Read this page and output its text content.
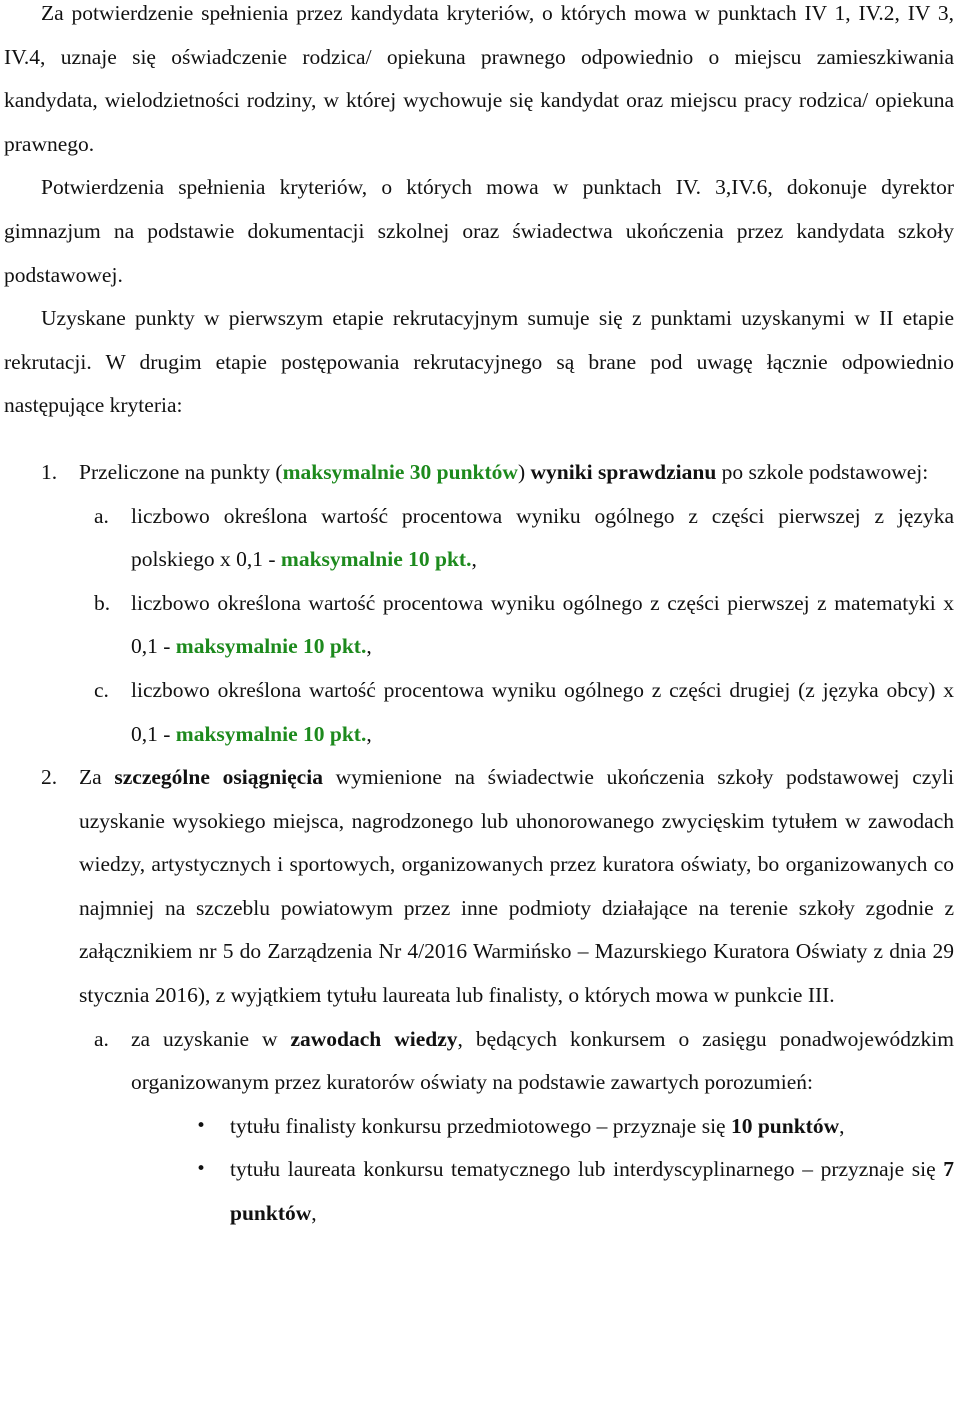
Za potwierdzenie spełnienia przez kandydata kryteriów, o których mowa w punktach IV 1, IV.2, IV 3, IV.4, uznaje się oświadczenie rodzica/ opiekuna prawnego odpowiednio o miejscu zamieszkiwania kandydata, wielodzietności rodziny, w której wychowuje się kandydat oraz miejscu pracy rodzica/ opiekuna prawnego.

Potwierdzenia spełnienia kryteriów, o których mowa w punktach IV. 3,IV.6, dokonuje dyrektor gimnazjum na podstawie dokumentacji szkolnej oraz świadectwa ukończenia przez kandydata szkoły podstawowej.

Uzyskane punkty w pierwszym etapie rekrutacyjnym sumuje się z punktami uzyskanymi w II etapie rekrutacji. W drugim etapie postępowania rekrutacyjnego są brane pod uwagę łącznie odpowiednio następujące kryteria:

1. Przeliczone na punkty (maksymalnie 30 punktów) wyniki sprawdzianu po szkole podstawowej:

a. liczbowo określona wartość procentowa wyniku ogólnego z części pierwszej z języka polskiego x 0,1 - maksymalnie 10 pkt.,

b. liczbowo określona wartość procentowa wyniku ogólnego z części pierwszej z matematyki x 0,1 - maksymalnie 10 pkt.,

c. liczbowo określona wartość procentowa wyniku ogólnego z części drugiej (z języka obcy) x 0,1 - maksymalnie 10 pkt.,

2. Za szczególne osiągnięcia wymienione na świadectwie ukończenia szkoły podstawowej czyli uzyskanie wysokiego miejsca, nagrodzonego lub uhonorowanego zwycięskim tytułem w zawodach wiedzy, artystycznych i sportowych, organizowanych przez kuratora oświaty, bo organizowanych co najmniej na szczeblu powiatowym przez inne podmioty działające na terenie szkoły zgodnie z załącznikiem nr 5 do Zarządzenia Nr 4/2016 Warmińsko – Mazurskiego Kuratora Oświaty z dnia 29 stycznia 2016), z wyjątkiem tytułu laureata lub finalisty, o których mowa w punkcie III.

a. za uzyskanie w zawodach wiedzy, będących konkursem o zasięgu ponadwojewódzkim organizowanym przez kuratorów oświaty na podstawie zawartych porozumień:

• tytułu finalisty konkursu przedmiotowego – przyznaje się 10 punktów,

• tytułu laureata konkursu tematycznego lub interdyscyplinarnego – przyznaje się 7 punktów,
